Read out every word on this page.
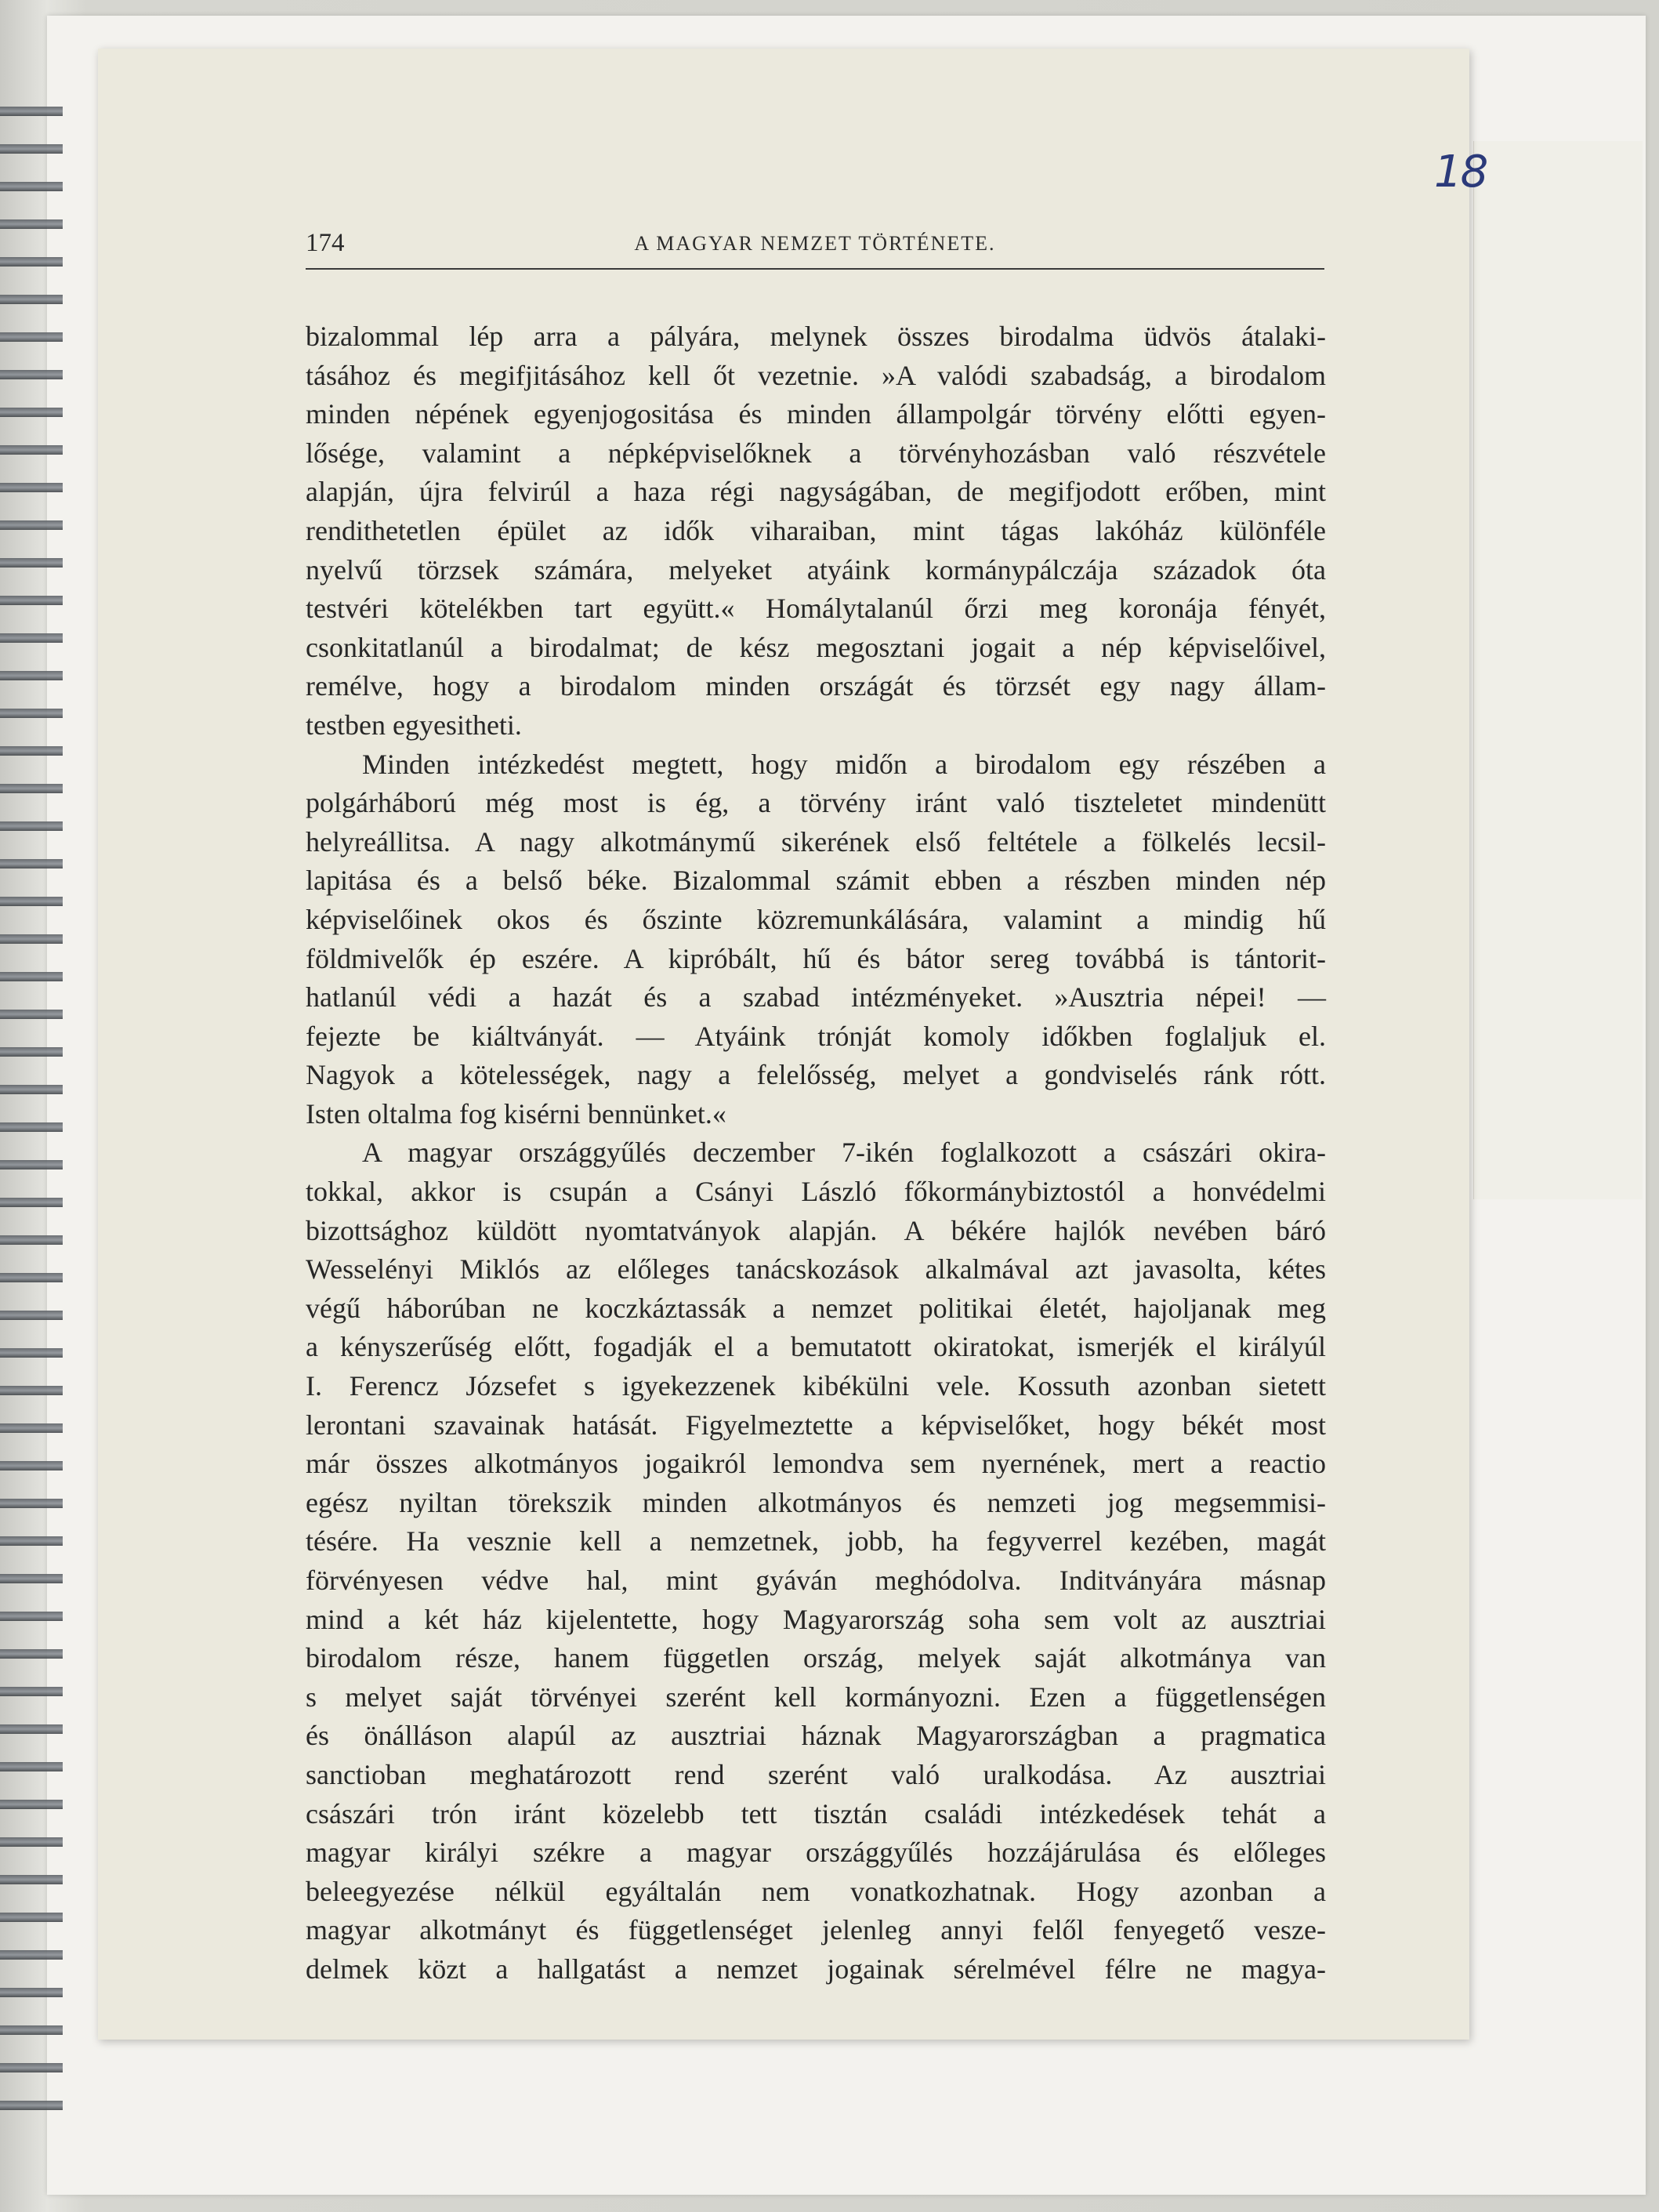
18
174	A MAGYAR NEMZET TÖRTÉNETE.
bizalommal lép arra a pályára, melynek összes birodalma üdvös átalaki-
tásához és megifjitásához kell őt vezetnie. »A valódi szabadság, a birodalom
minden népének egyenjogositása és minden állampolgár törvény előtti egyen-
lősége, valamint a népképviselőknek a törvényhozásban való részvétele
alapján, újra felvirúl a haza régi nagyságában, de megifjodott erőben, mint
rendithetetlen épület az idők viharaiban, mint tágas lakóház különféle
nyelvű törzsek számára, melyeket atyáink kormánypálczája századok óta
testvéri kötelékben tart együtt.« Homálytalanúl őrzi meg koronája fényét,
csonkitatlanúl a birodalmat; de kész megosztani jogait a nép képviselőivel,
remélve, hogy a birodalom minden országát és törzsét egy nagy állam-
testben egyesitheti.
Minden intézkedést megtett, hogy midőn a birodalom egy részében a
polgárháború még most is ég, a törvény iránt való tiszteletet mindenütt
helyreállitsa. A nagy alkotmánymű sikerének első feltétele a fölkelés lecsil-
lapitása és a belső béke. Bizalommal számit ebben a részben minden nép
képviselőinek okos és őszinte közremunkálására, valamint a mindig hű
földmivelők ép eszére. A kipróbált, hű és bátor sereg továbbá is tántorit-
hatlanúl védi a hazát és a szabad intézményeket. »Ausztria népei! —
fejezte be kiáltványát. — Atyáink trónját komoly időkben foglaljuk el.
Nagyok a kötelességek, nagy a felelősség, melyet a gondviselés ránk rótt.
Isten oltalma fog kisérni bennünket.«
A magyar országgyűlés deczember 7-ikén foglalkozott a császári okira-
tokkal, akkor is csupán a Csányi László főkormánybiztostól a honvédelmi
bizottsághoz küldött nyomtatványok alapján. A békére hajlók nevében báró
Wesselényi Miklós az előleges tanácskozások alkalmával azt javasolta, kétes
végű háborúban ne koczkáztassák a nemzet politikai életét, hajoljanak meg
a kényszerűség előtt, fogadják el a bemutatott okiratokat, ismerjék el királyúl
I. Ferencz Józsefet s igyekezzenek kibékülni vele. Kossuth azonban sietett
lerontani szavainak hatását. Figyelmeztette a képviselőket, hogy békét most
már összes alkotmányos jogaikról lemondva sem nyernének, mert a reactio
egész nyiltan törekszik minden alkotmányos és nemzeti jog megsemmisi-
tésére. Ha vesznie kell a nemzetnek, jobb, ha fegyverrel kezében, magát
förvényesen védve hal, mint gyáván meghódolva. Inditványára másnap
mind a két ház kijelentette, hogy Magyarország soha sem volt az ausztriai
birodalom része, hanem független ország, melyek saját alkotmánya van
s melyet saját törvényei szerént kell kormányozni. Ezen a függetlenségen
és önálláson alapúl az ausztriai háznak Magyarországban a pragmatica
sanctioban meghatározott rend szerént való uralkodása. Az ausztriai
császári trón iránt közelebb tett tisztán családi intézkedések tehát a
magyar királyi székre a magyar országgyűlés hozzájárulása és előleges
beleegyezése nélkül egyáltalán nem vonatkozhatnak. Hogy azonban a
magyar alkotmányt és függetlenséget jelenleg annyi felől fenyegető vesze-
delmek közt a hallgatást a nemzet jogainak sérelmével félre ne magya-
